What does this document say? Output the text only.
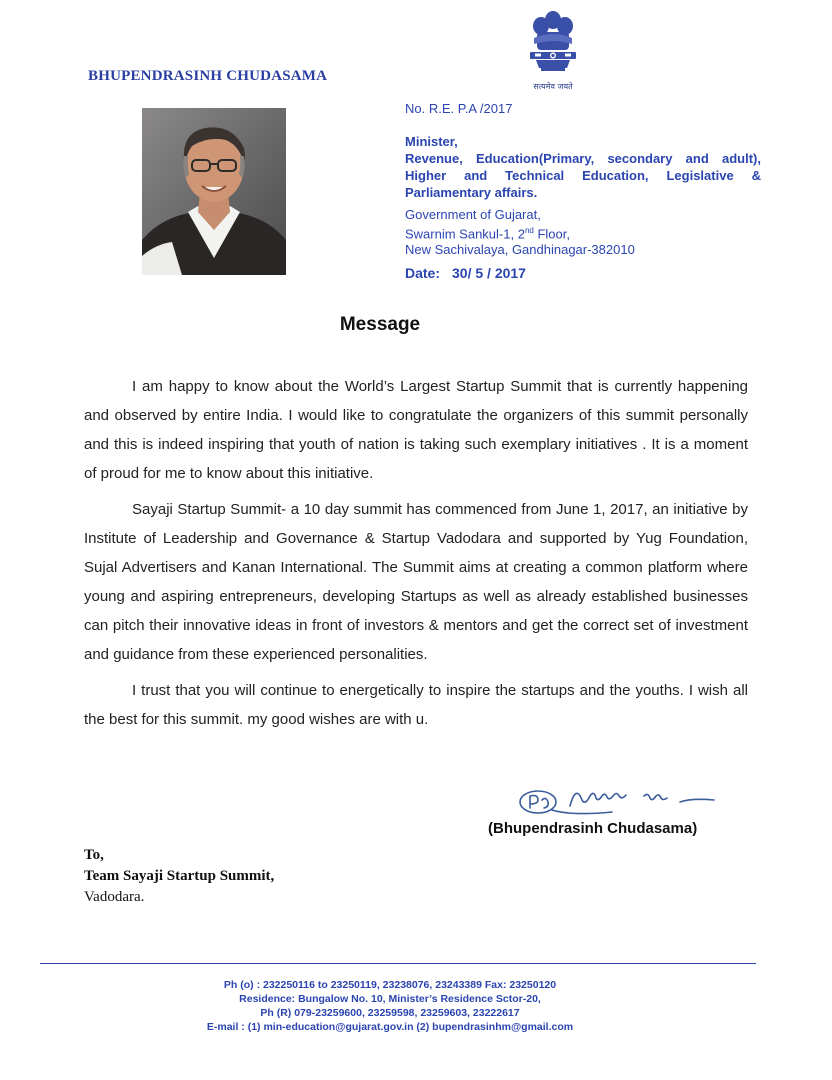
सत्यमेव जयते
BHUPENDRASINH CHUDASAMA
No. R.E. P.A /2017
Minister,
Revenue, Education(Primary, secondary and adult),
Higher and Technical Education, Legislative &
Parliamentary affairs.
Government of Gujarat,
Swarnim Sankul-1, 2nd Floor,
New Sachivalaya, Gandhinagar-382010
Date: 30/ 5 / 2017
Message

I am happy to know about the World’s Largest Startup Summit that is currently happening and observed by entire India. I would like to congratulate the organizers of this summit personally and this is indeed inspiring that youth of nation is taking such exemplary initiatives . It is a moment of proud for me to know about this initiative.

Sayaji Startup Summit- a 10 day summit has commenced from June 1, 2017, an initiative by Institute of Leadership and Governance & Startup Vadodara and supported by Yug Foundation, Sujal Advertisers and Kanan International. The Summit aims at creating a common platform where young and aspiring entrepreneurs, developing Startups as well as already established businesses can pitch their innovative ideas in front of investors & mentors and get the correct set of investment and guidance from these experienced personalities.

I trust that you will continue to energetically to inspire the startups and the youths. I wish all the best for this summit. my good wishes are with u.

(Bhupendrasinh Chudasama)
To,
Team Sayaji Startup Summit,
Vadodara.
Ph (o) : 232250116 to 23250119, 23238076, 23243389 Fax: 23250120
Residence: Bungalow No. 10, Minister’s Residence Sctor-20,
Ph (R) 079-23259600, 23259598, 23259603, 23222617
E-mail : (1) min-education@gujarat.gov.in (2) bupendrasinhm@gmail.com
